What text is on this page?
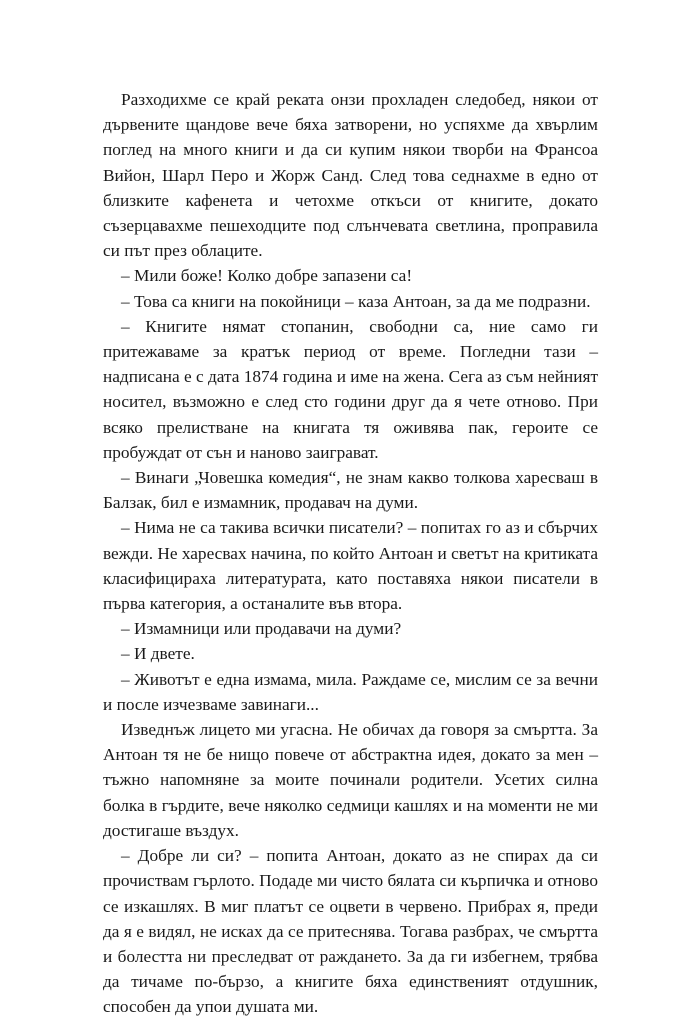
Разходихме се край реката онзи прохладен следобед, някои от дървените щандове вече бяха затворени, но успяхме да хвърлим поглед на много книги и да си купим някои творби на Франсоа Вийон, Шарл Перо и Жорж Санд. След това седнахме в едно от близките кафенета и четохме откъси от книгите, докато съзерцавахме пешеходците под слънчевата светлина, проправила си път през облаците.

– Мили боже! Колко добре запазени са!

– Това са книги на покойници – каза Антоан, за да ме подразни.

– Книгите нямат стопанин, свободни са, ние само ги притежаваме за кратък период от време. Погледни тази – надписана е с дата 1874 година и име на жена. Сега аз съм нейният носител, възможно е след сто години друг да я чете отново. При всяко прелистване на книгата тя оживява пак, героите се пробуждат от сън и наново заиграват.

– Винаги „Човешка комедия“, не знам какво толкова харесваш в Балзак, бил е измамник, продавач на думи.

– Нима не са такива всички писатели? – попитах го аз и сбърчих вежди. Не харесвах начина, по който Антоан и светът на критиката класифицираха литературата, като поставяха някои писатели в първа категория, а останалите във втора.

– Измамници или продавачи на думи?

– И двете.

– Животът е една измама, мила. Раждаме се, мислим се за вечни и после изчезваме завинаги...

Изведнъж лицето ми угасна. Не обичах да говоря за смъртта. За Антоан тя не бе нищо повече от абстрактна идея, докато за мен – тъжно напомняне за моите починали родители. Усетих силна болка в гърдите, вече няколко седмици кашлях и на моменти не ми достигаше въздух.

– Добре ли си? – попита Антоан, докато аз не спирах да си прочиствам гърлото. Подаде ми чисто бялата си кърпичка и отново се изкашлях. В миг платът се оцвети в червено. Прибрах я, преди да я е видял, не исках да се притеснява. Тогава разбрах, че смъртта и болестта ни преследват от раждането. За да ги избегнем, трябва да тичаме по-бързо, а книгите бяха единственият отдушник, способен да упои душата ми.
